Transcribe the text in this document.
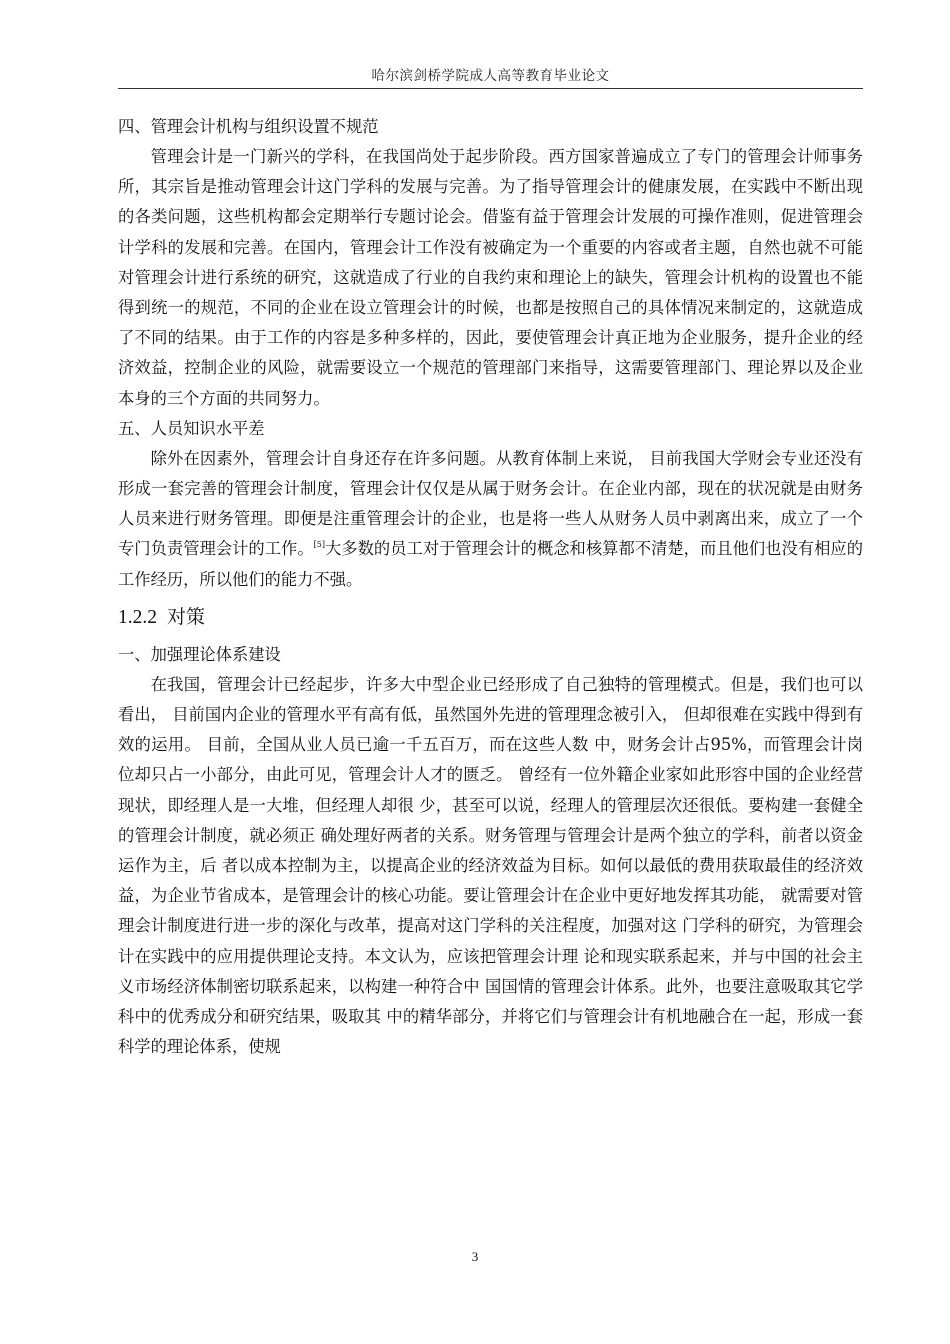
哈尔滨剑桥学院成人高等教育毕业论文

四、管理会计机构与组织设置不规范

管理会计是一门新兴的学科，在我国尚处于起步阶段。西方国家普遍成立了专门的管理会计师事务所，其宗旨是推动管理会计这门学科的发展与完善。为了指导管理会计的健康发展，在实践中不断出现的各类问题，这些机构都会定期举行专题讨论会。借鉴有益于管理会计发展的可操作准则，促进管理会计学科的发展和完善。在国内，管理会计工作没有被确定为一个重要的内容或者主题，自然也就不可能对管理会计进行系统的研究，这就造成了行业的自我约束和理论上的缺失，管理会计机构的设置也不能得到统一的规范，不同的企业在设立管理会计的时候，也都是按照自己的具体情况来制定的，这就造成了不同的结果。由于工作的内容是多种多样的，因此，要使管理会计真正地为企业服务，提升企业的经济效益，控制企业的风险，就需要设立一个规范的管理部门来指导，这需要管理部门、理论界以及企业本身的三个方面的共同努力。

五、人员知识水平差

除外在因素外，管理会计自身还存在许多问题。从教育体制上来说， 目前我国大学财会专业还没有形成一套完善的管理会计制度，管理会计仅仅是从属于财务会计。在企业内部，现在的状况就是由财务人员来进行财务管理。即便是注重管理会计的企业，也是将一些人从财务人员中剥离出来，成立了一个专门负责管理会计的工作。[5]大多数的员工对于管理会计的概念和核算都不清楚，而且他们也没有相应的工作经历，所以他们的能力不强。

1.2.2 对策

一、加强理论体系建设

在我国，管理会计已经起步，许多大中型企业已经形成了自己独特的管理模式。但是，我们也可以看出， 目前国内企业的管理水平有高有低，虽然国外先进的管理理念被引入， 但却很难在实践中得到有效的运用。 目前，全国从业人员已逾一千五百万，而在这些人数 中，财务会计占95%，而管理会计岗位却只占一小部分，由此可见，管理会计人才的匮乏。 曾经有一位外籍企业家如此形容中国的企业经营现状，即经理人是一大堆，但经理人却很 少，甚至可以说，经理人的管理层次还很低。要构建一套健全的管理会计制度，就必须正 确处理好两者的关系。财务管理与管理会计是两个独立的学科，前者以资金运作为主，后 者以成本控制为主，以提高企业的经济效益为目标。如何以最低的费用获取最佳的经济效 益，为企业节省成本，是管理会计的核心功能。要让管理会计在企业中更好地发挥其功能， 就需要对管理会计制度进行进一步的深化与改革，提高对这门学科的关注程度，加强对这 门学科的研究，为管理会计在实践中的应用提供理论支持。本文认为，应该把管理会计理 论和现实联系起来，并与中国的社会主义市场经济体制密切联系起来，以构建一种符合中 国国情的管理会计体系。此外，也要注意吸取其它学科中的优秀成分和研究结果，吸取其 中的精华部分，并将它们与管理会计有机地融合在一起，形成一套科学的理论体系，使规

3
